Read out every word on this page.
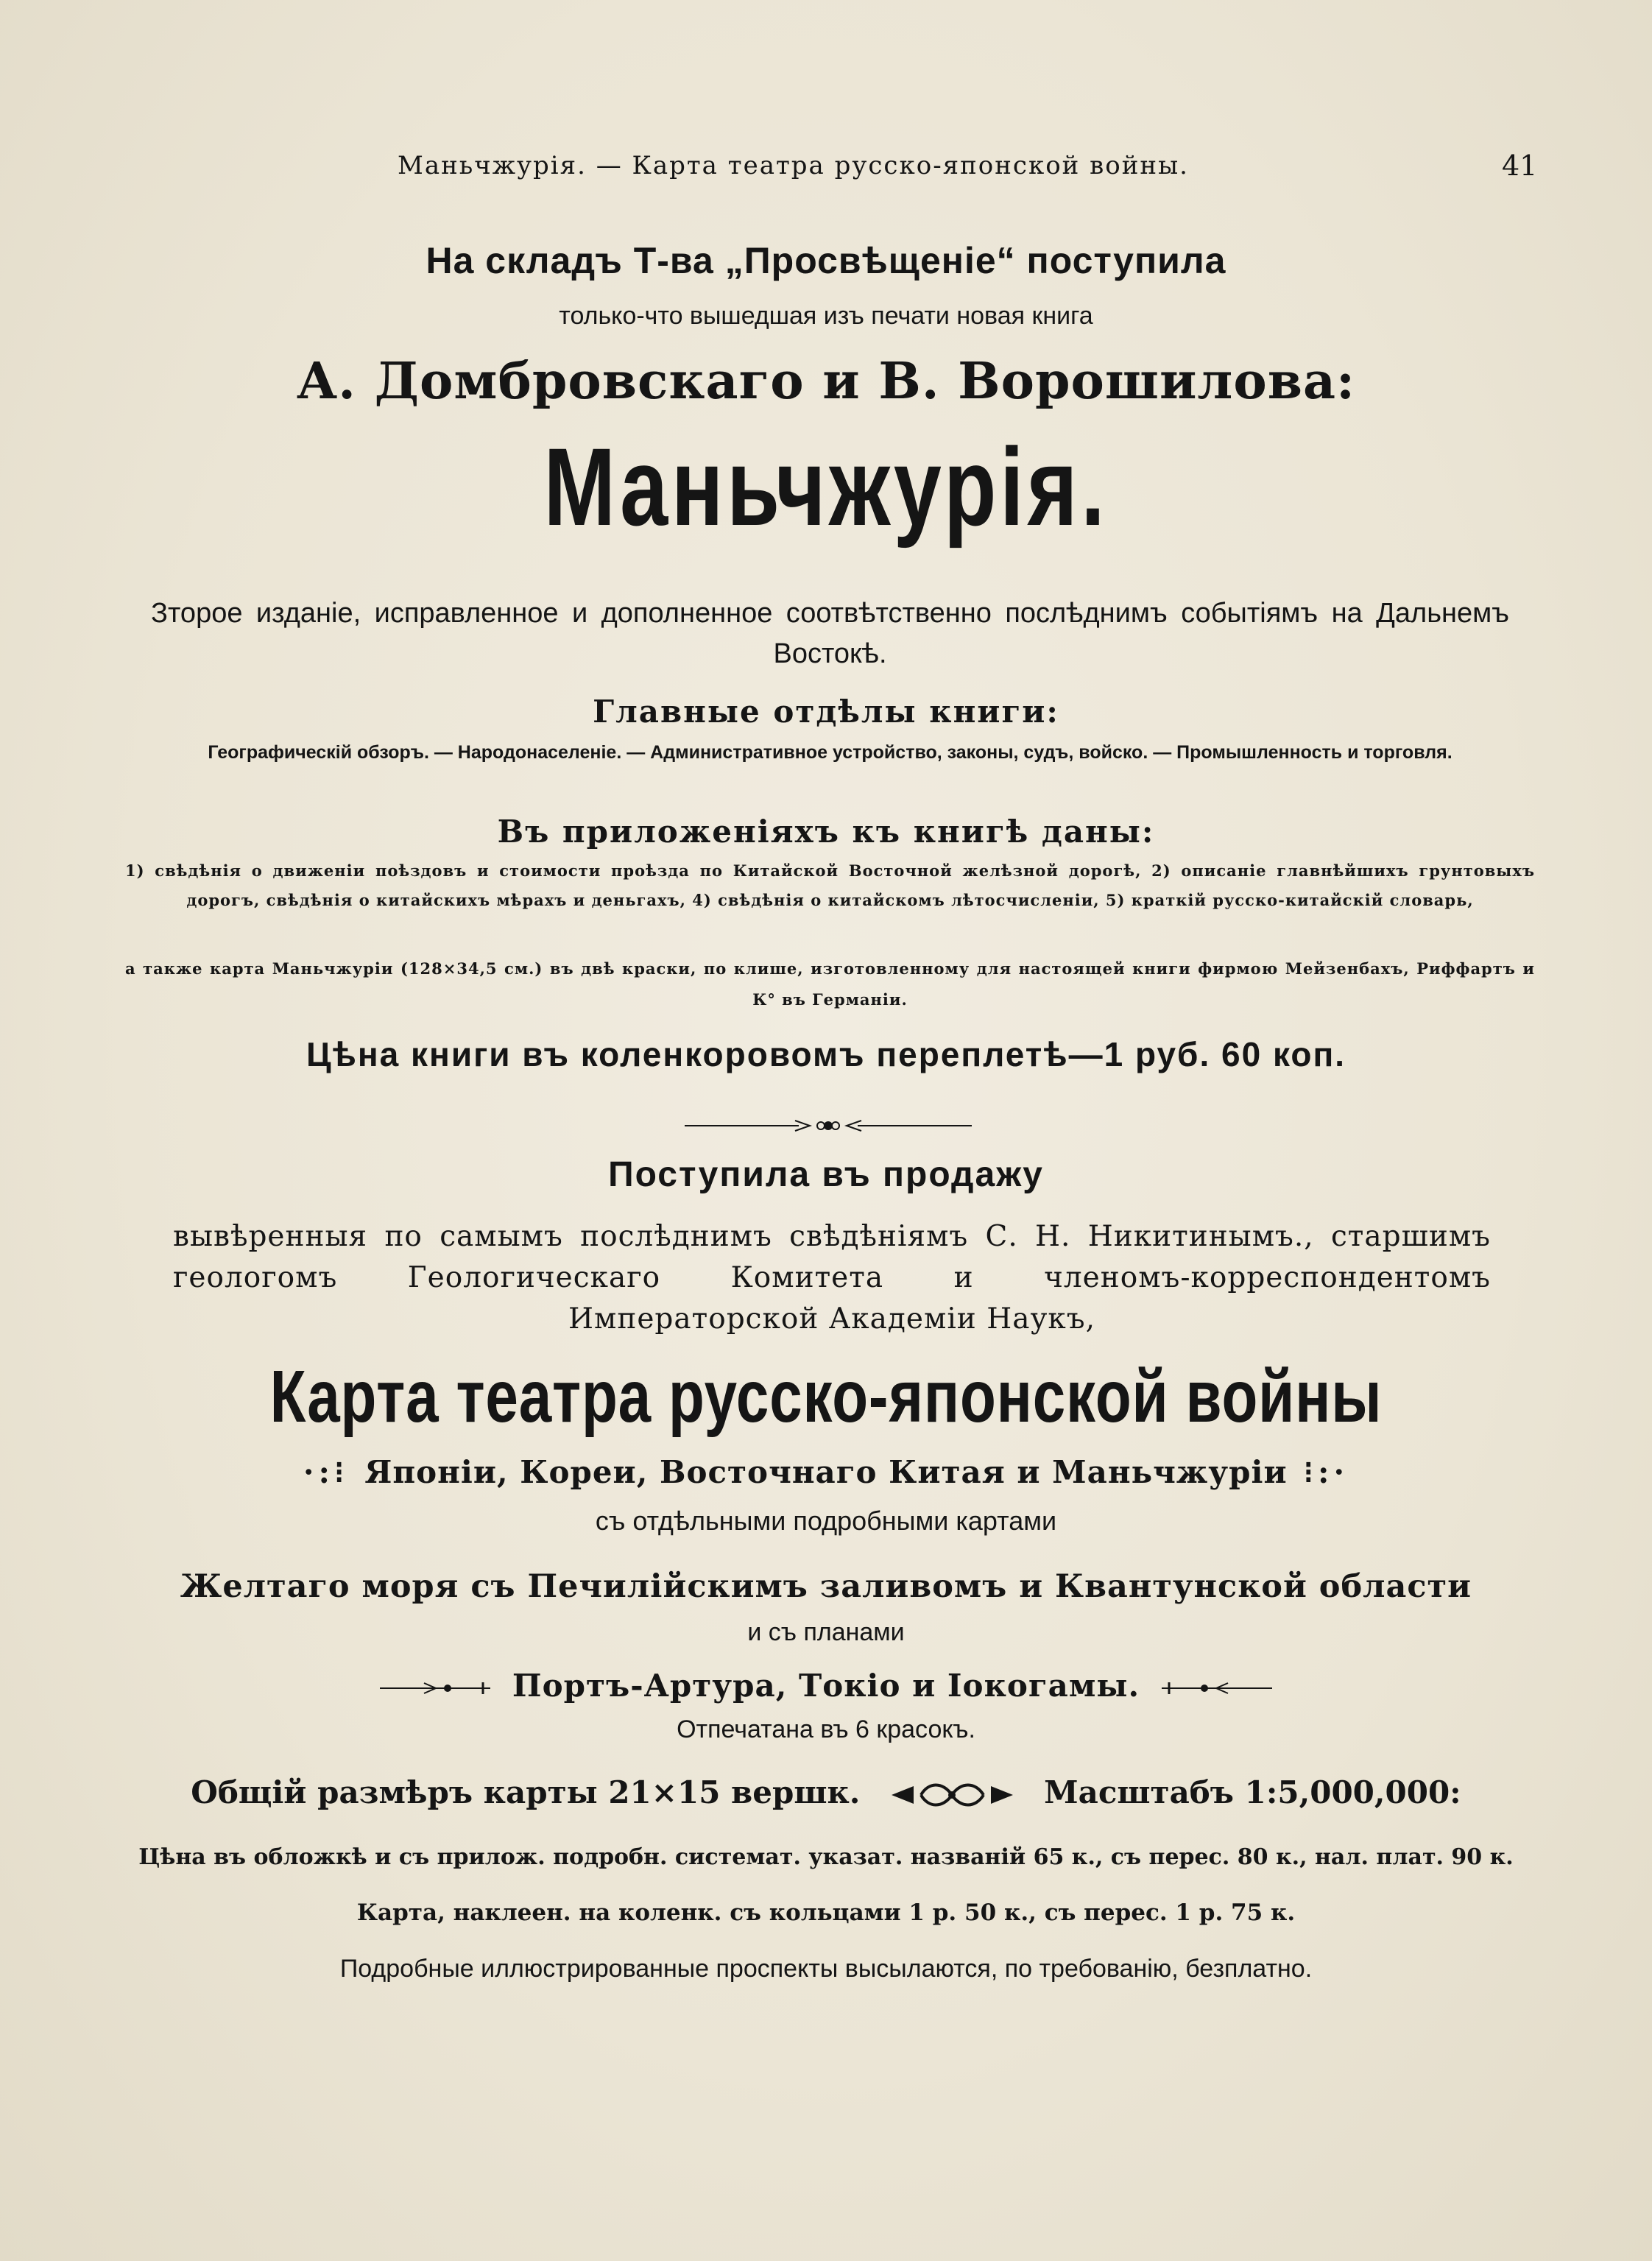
Маньчжурія. — Карта театра русско-японской войны.	41
На складъ Т-ва „Просвѣщеніе“ поступила
только-что вышедшая изъ печати новая книга
А. Домбровскаго и В. Ворошилова:
Маньчжурія.
Зторое изданіе, исправленное и дополненное соотвѣтственно послѣднимъ событіямъ на Дальнемъ Востокѣ.
Главные отдѣлы книги:
Географическій обзоръ. — Народонаселеніе. — Административное устройство, законы, судъ, войско. — Промышленность и торговля.
Въ приложеніяхъ къ книгѣ даны:
1) свѣдѣнія о движеніи поѣздовъ и стоимости проѣзда по Китайской Восточной желѣзной дорогѣ, 2) описаніе главнѣйшихъ грунтовыхъ дорогъ, свѣдѣнія о китайскихъ мѣрахъ и деньгахъ, 4) свѣдѣнія о китайскомъ лѣтосчисленіи, 5) краткій русско-китайскій словарь,
а также карта Маньчжуріи (128×34,5 см.) въ двѣ краски, по клише, изготовленному для настоящей книги фирмою Мейзенбахъ, Риффартъ и К° въ Германіи.
Цѣна книги въ коленкоровомъ переплетѣ—1 руб. 60 коп.
Поступила въ продажу
вывѣренныя по самымъ послѣднимъ свѣдѣніямъ С. Н. Никитинымъ., старшимъ геологомъ Геологическаго Комитета и членомъ-корреспондентомъ Императорской Академіи Наукъ,
Карта театра русско-японской войны
·:⁝ Японіи, Кореи, Восточнаго Китая и Маньчжуріи ⁝:·
съ отдѣльными подробными картами
Желтаго моря съ Печилійскимъ заливомъ и Квантунской области
и съ планами
Портъ-Артура, Токіо и Іокогамы.
Отпечатана въ 6 красокъ.
Общій размѣръ карты 21×15 вершк.	Масштабъ 1:5,000,000:
Цѣна въ обложкѣ и съ прилож. подробн. системат. указат. названій 65 к., съ перес. 80 к., нал. плат. 90 к.
Карта, наклеен. на коленк. съ кольцами 1 р. 50 к., съ перес. 1 р. 75 к.
Подробные иллюстрированные проспекты высылаются, по требованію, безплатно.
